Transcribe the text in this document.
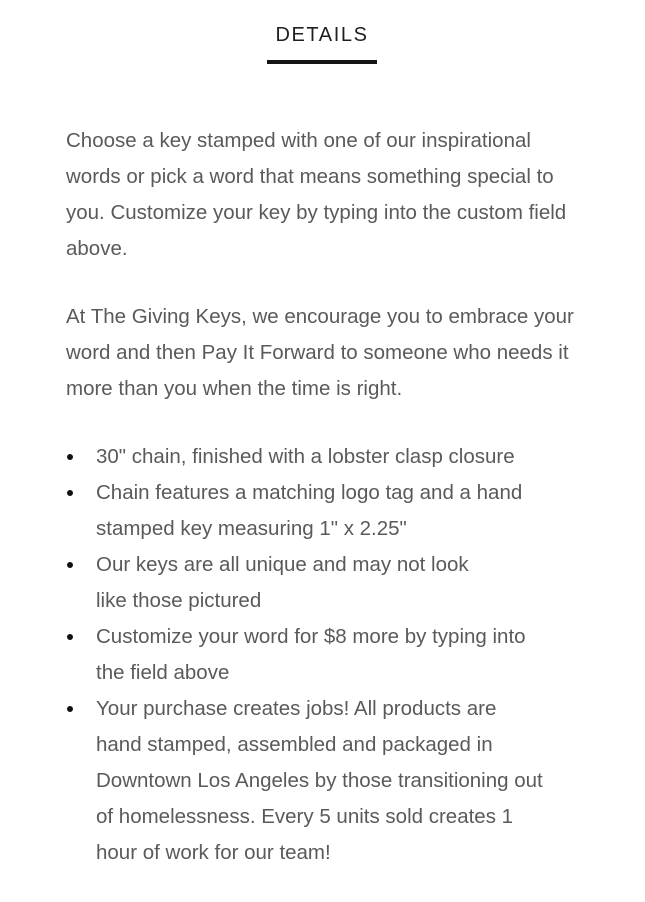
DETAILS

Choose a key stamped with one of our inspirational words or pick a word that means something special to you. Customize your key by typing into the custom field above.

At The Giving Keys, we encourage you to embrace your word and then Pay It Forward to someone who needs it more than you when the time is right.

30" chain, finished with a lobster clasp closure
Chain features a matching logo tag and a hand
stamped key measuring 1" x 2.25"
Our keys are all unique and may not look
like those pictured
Customize your word for $8 more by typing into
the field above
Your purchase creates jobs! All products are
hand stamped, assembled and packaged in
Downtown Los Angeles by those transitioning out
of homelessness. Every 5 units sold creates 1
hour of work for our team!
